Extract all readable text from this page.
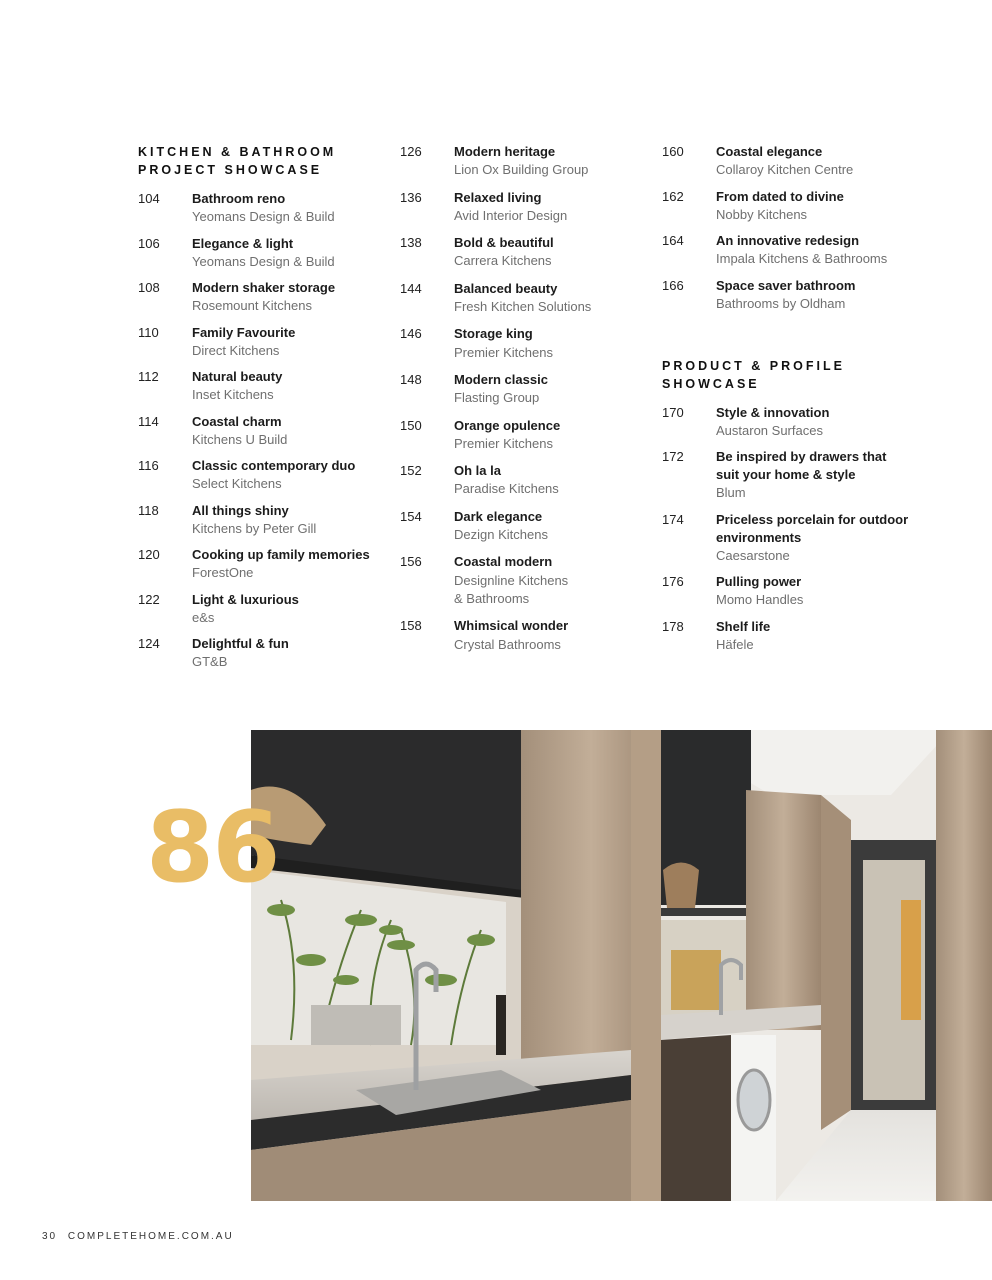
KITCHEN & BATHROOM
PROJECT SHOWCASE
104	Bathroom reno
Yeomans Design & Build
106	Elegance & light
Yeomans Design & Build
108	Modern shaker storage
Rosemount Kitchens
110	Family Favourite
Direct Kitchens
112	Natural beauty
Inset Kitchens
114	Coastal charm
Kitchens U Build
116	Classic contemporary duo
Select Kitchens
118	All things shiny
Kitchens by Peter Gill
120	Cooking up family memories
ForestOne
122	Light & luxurious
e&s
124	Delightful & fun
GT&B
126	Modern heritage
Lion Ox Building Group
136	Relaxed living
Avid Interior Design
138	Bold & beautiful
Carrera Kitchens
144	Balanced beauty
Fresh Kitchen Solutions
146	Storage king
Premier Kitchens
148	Modern classic
Flasting Group
150	Orange opulence
Premier Kitchens
152	Oh la la
Paradise Kitchens
154	Dark elegance
Dezign Kitchens
156	Coastal modern
Designline Kitchens
& Bathrooms
158	Whimsical wonder
Crystal Bathrooms
160	Coastal elegance
Collaroy Kitchen Centre
162	From dated to divine
Nobby Kitchens
164	An innovative redesign
Impala Kitchens & Bathrooms
166	Space saver bathroom
Bathrooms by Oldham
PRODUCT & PROFILE
SHOWCASE
170	Style & innovation
Austaron Surfaces
172	Be inspired by drawers that
suit your home & style
Blum
174	Priceless porcelain for outdoor
environments
Caesarstone
176	Pulling power
Momo Handles
178	Shelf life
Häfele
86
30 COMPLETEHOME.COM.AU
